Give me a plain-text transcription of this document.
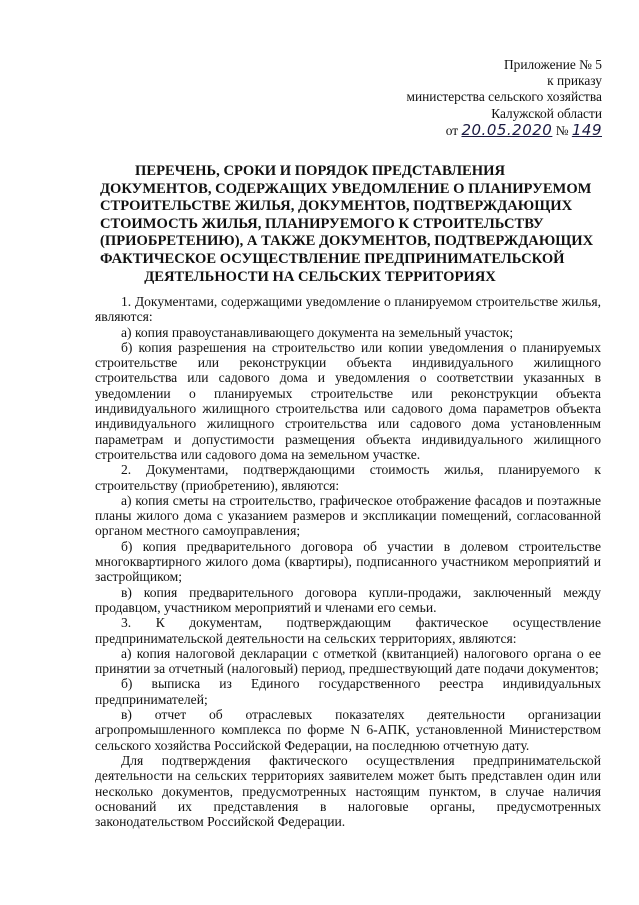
Приложение № 5
к приказу
министерства сельского хозяйства
Калужской области
от 20.05.2020 № 149
ПЕРЕЧЕНЬ, СРОКИ И ПОРЯДОК ПРЕДСТАВЛЕНИЯ
ДОКУМЕНТОВ, СОДЕРЖАЩИХ УВЕДОМЛЕНИЕ О ПЛАНИРУЕМОМ
СТРОИТЕЛЬСТВЕ ЖИЛЬЯ, ДОКУМЕНТОВ, ПОДТВЕРЖДАЮЩИХ
СТОИМОСТЬ ЖИЛЬЯ, ПЛАНИРУЕМОГО К СТРОИТЕЛЬСТВУ
(ПРИОБРЕТЕНИЮ), А ТАКЖЕ ДОКУМЕНТОВ, ПОДТВЕРЖДАЮЩИХ
ФАКТИЧЕСКОЕ ОСУЩЕСТВЛЕНИЕ ПРЕДПРИНИМАТЕЛЬСКОЙ
ДЕЯТЕЛЬНОСТИ НА СЕЛЬСКИХ ТЕРРИТОРИЯХ

1. Документами, содержащими уведомление о планируемом строительстве жилья, являются:

а) копия правоустанавливающего документа на земельный участок;

б) копия разрешения на строительство или копии уведомления о планируемых строительстве или реконструкции объекта индивидуального жилищного строительства или садового дома и уведомления о соответствии указанных в уведомлении о планируемых строительстве или реконструкции объекта индивидуального жилищного строительства или садового дома параметров объекта индивидуального жилищного строительства или садового дома установленным параметрам и допустимости размещения объекта индивидуального жилищного строительства или садового дома на земельном участке.

2. Документами, подтверждающими стоимость жилья, планируемого к строительству (приобретению), являются:

а) копия сметы на строительство, графическое отображение фасадов и поэтажные планы жилого дома с указанием размеров и экспликации помещений, согласованной органом местного самоуправления;

б) копия предварительного договора об участии в долевом строительстве многоквартирного жилого дома (квартиры), подписанного участником мероприятий и застройщиком;

в) копия предварительного договора купли-продажи, заключенный между продавцом, участником мероприятий и членами его семьи.

3. К документам, подтверждающим фактическое осуществление предпринимательской деятельности на сельских территориях, являются:

а) копия налоговой декларации с отметкой (квитанцией) налогового органа о ее принятии за отчетный (налоговый) период, предшествующий дате подачи документов;

б) выписка из Единого государственного реестра индивидуальных предпринимателей;

в) отчет об отраслевых показателях деятельности организации агропромышленного комплекса по форме N 6-АПК, установленной Министерством сельского хозяйства Российской Федерации, на последнюю отчетную дату.

Для подтверждения фактического осуществления предпринимательской деятельности на сельских территориях заявителем может быть представлен один или несколько документов, предусмотренных настоящим пунктом, в случае наличия оснований их представления в налоговые органы, предусмотренных законодательством Российской Федерации.
